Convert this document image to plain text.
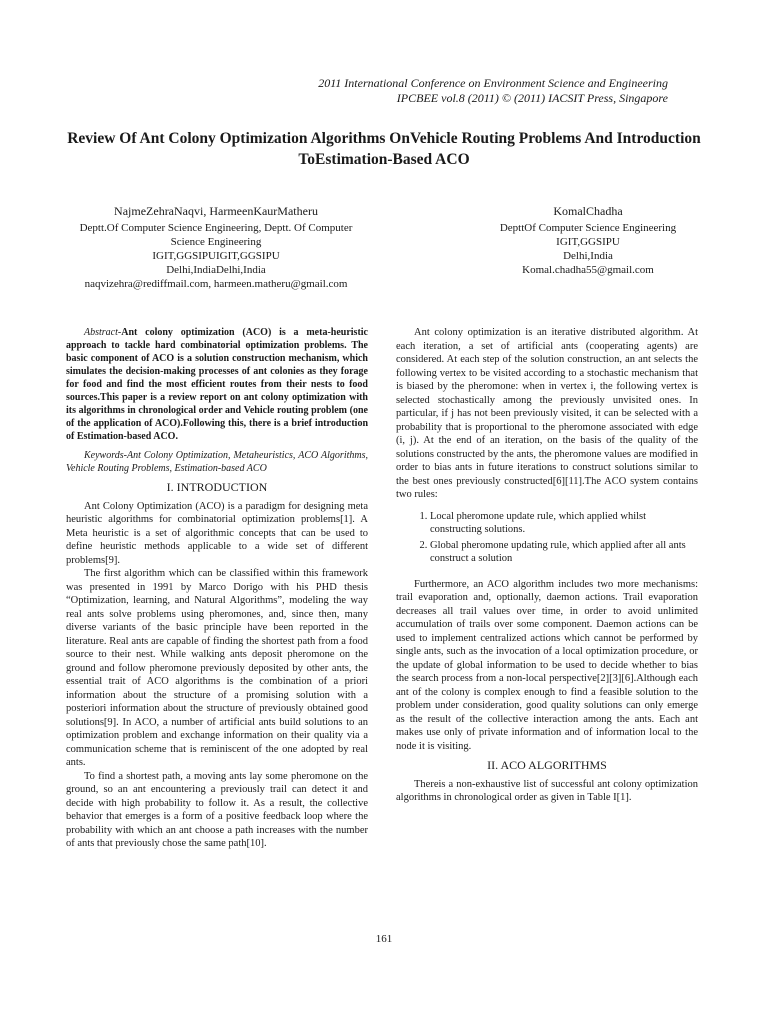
2011 International Conference on Environment Science and Engineering
IPCBEE vol.8 (2011) © (2011) IACSIT Press, Singapore
Review Of Ant Colony Optimization Algorithms OnVehicle Routing Problems And Introduction ToEstimation-Based ACO
NajmeZehraNaqvi, HarmeenKaurMatheru
Deptt.Of Computer Science Engineering, Deptt. Of Computer Science Engineering
IGIT,GGSIPUIGIT,GGSIPU
Delhi,IndiaDelhi,India
naqvizehra@rediffmail.com, harmeen.matheru@gmail.com
KomalChadha
DepttOf Computer Science Engineering
IGIT,GGSIPU
Delhi,India
Komal.chadha55@gmail.com

Abstract-Ant colony optimization (ACO) is a meta-heuristic approach to tackle hard combinatorial optimization problems. The basic component of ACO is a solution construction mechanism, which simulates the decision-making processes of ant colonies as they forage for food and find the most efficient routes from their nests to food sources.This paper is a review report on ant colony optimization with its algorithms in chronological order and Vehicle routing problem (one of the application of ACO).Following this, there is a brief introduction of Estimation-based ACO.

Keywords-Ant Colony Optimization, Metaheuristics, ACO Algorithms, Vehicle Routing Problems, Estimation-based ACO

I. INTRODUCTION

Ant Colony Optimization (ACO) is a paradigm for designing meta heuristic algorithms for combinatorial optimization problems[1]. A Meta heuristic is a set of algorithmic concepts that can be used to define heuristic methods applicable to a wide set of different problems[9].

The first algorithm which can be classified within this framework was presented in 1991 by Marco Dorigo with his PHD thesis “Optimization, learning, and Natural Algorithms”, modeling the way real ants solve problems using pheromones, and, since then, many diverse variants of the basic principle have been reported in the literature. Real ants are capable of finding the shortest path from a food source to their nest. While walking ants deposit pheromone on the ground and follow pheromone previously deposited by other ants, the essential trait of ACO algorithms is the combination of a priori information about the structure of a promising solution with a posteriori information about the structure of previously obtained good solutions[9]. In ACO, a number of artificial ants build solutions to an optimization problem and exchange information on their quality via a communication scheme that is reminiscent of the one adopted by real ants.

To find a shortest path, a moving ants lay some pheromone on the ground, so an ant encountering a previously trail can detect it and decide with high probability to follow it. As a result, the collective behavior that emerges is a form of a positive feedback loop where the probability with which an ant choose a path increases with the number of ants that previously chose the same path[10].

Ant colony optimization is an iterative distributed algorithm. At each iteration, a set of artificial ants (cooperating agents) are considered. At each step of the solution construction, an ant selects the following vertex to be visited according to a stochastic mechanism that is biased by the pheromone: when in vertex i, the following vertex is selected stochastically among the previously unvisited ones. In particular, if j has not been previously visited, it can be selected with a probability that is proportional to the pheromone associated with edge (i, j). At the end of an iteration, on the basis of the quality of the solutions constructed by the ants, the pheromone values are modified in order to bias ants in future iterations to construct solutions similar to the best ones previously constructed[6][11].The ACO system contains two rules:

1. Local pheromone update rule, which applied whilst constructing solutions.
2. Global pheromone updating rule, which applied after all ants construct a solution

Furthermore, an ACO algorithm includes two more mechanisms: trail evaporation and, optionally, daemon actions. Trail evaporation decreases all trail values over time, in order to avoid unlimited accumulation of trails over some component. Daemon actions can be used to implement centralized actions which cannot be performed by single ants, such as the invocation of a local optimization procedure, or the update of global information to be used to decide whether to bias the search process from a non-local perspective[2][3][6].Although each ant of the colony is complex enough to find a feasible solution to the problem under consideration, good quality solutions can only emerge as the result of the collective interaction among the ants. Each ant makes use only of private information and of information local to the node it is visiting.

II. ACO ALGORITHMS

Thereis a non-exhaustive list of successful ant colony optimization algorithms in chronological order as given in Table I[1].

161
